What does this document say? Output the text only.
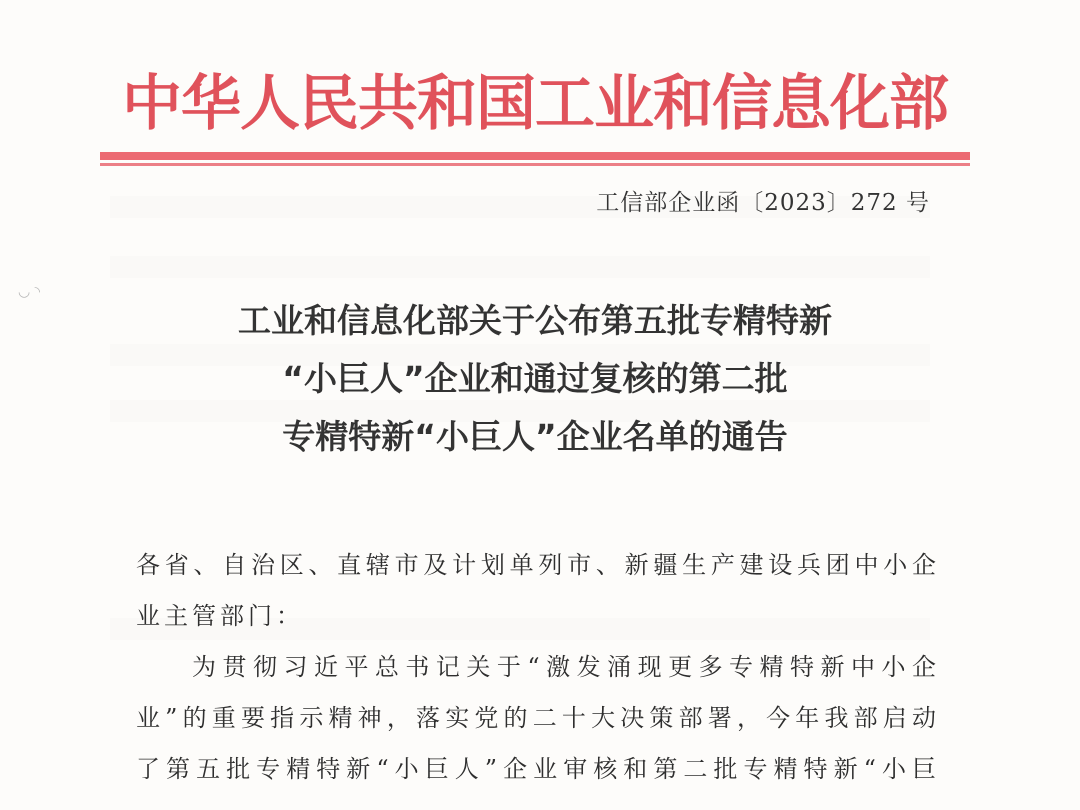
◡ ◝
中华人民共和国工业和信息化部
工信部企业函〔2023〕272 号
工业和信息化部关于公布第五批专精特新
“小巨人”企业和通过复核的第二批
专精特新“小巨人”企业名单的通告
各省、自治区、直辖市及计划单列市、新疆生产建设兵团中小企
业主管部门：
为贯彻习近平总书记关于“激发涌现更多专精特新中小企
业”的重要指示精神，落实党的二十大决策部署，今年我部启动
了第五批专精特新“小巨人”企业审核和第二批专精特新“小巨
